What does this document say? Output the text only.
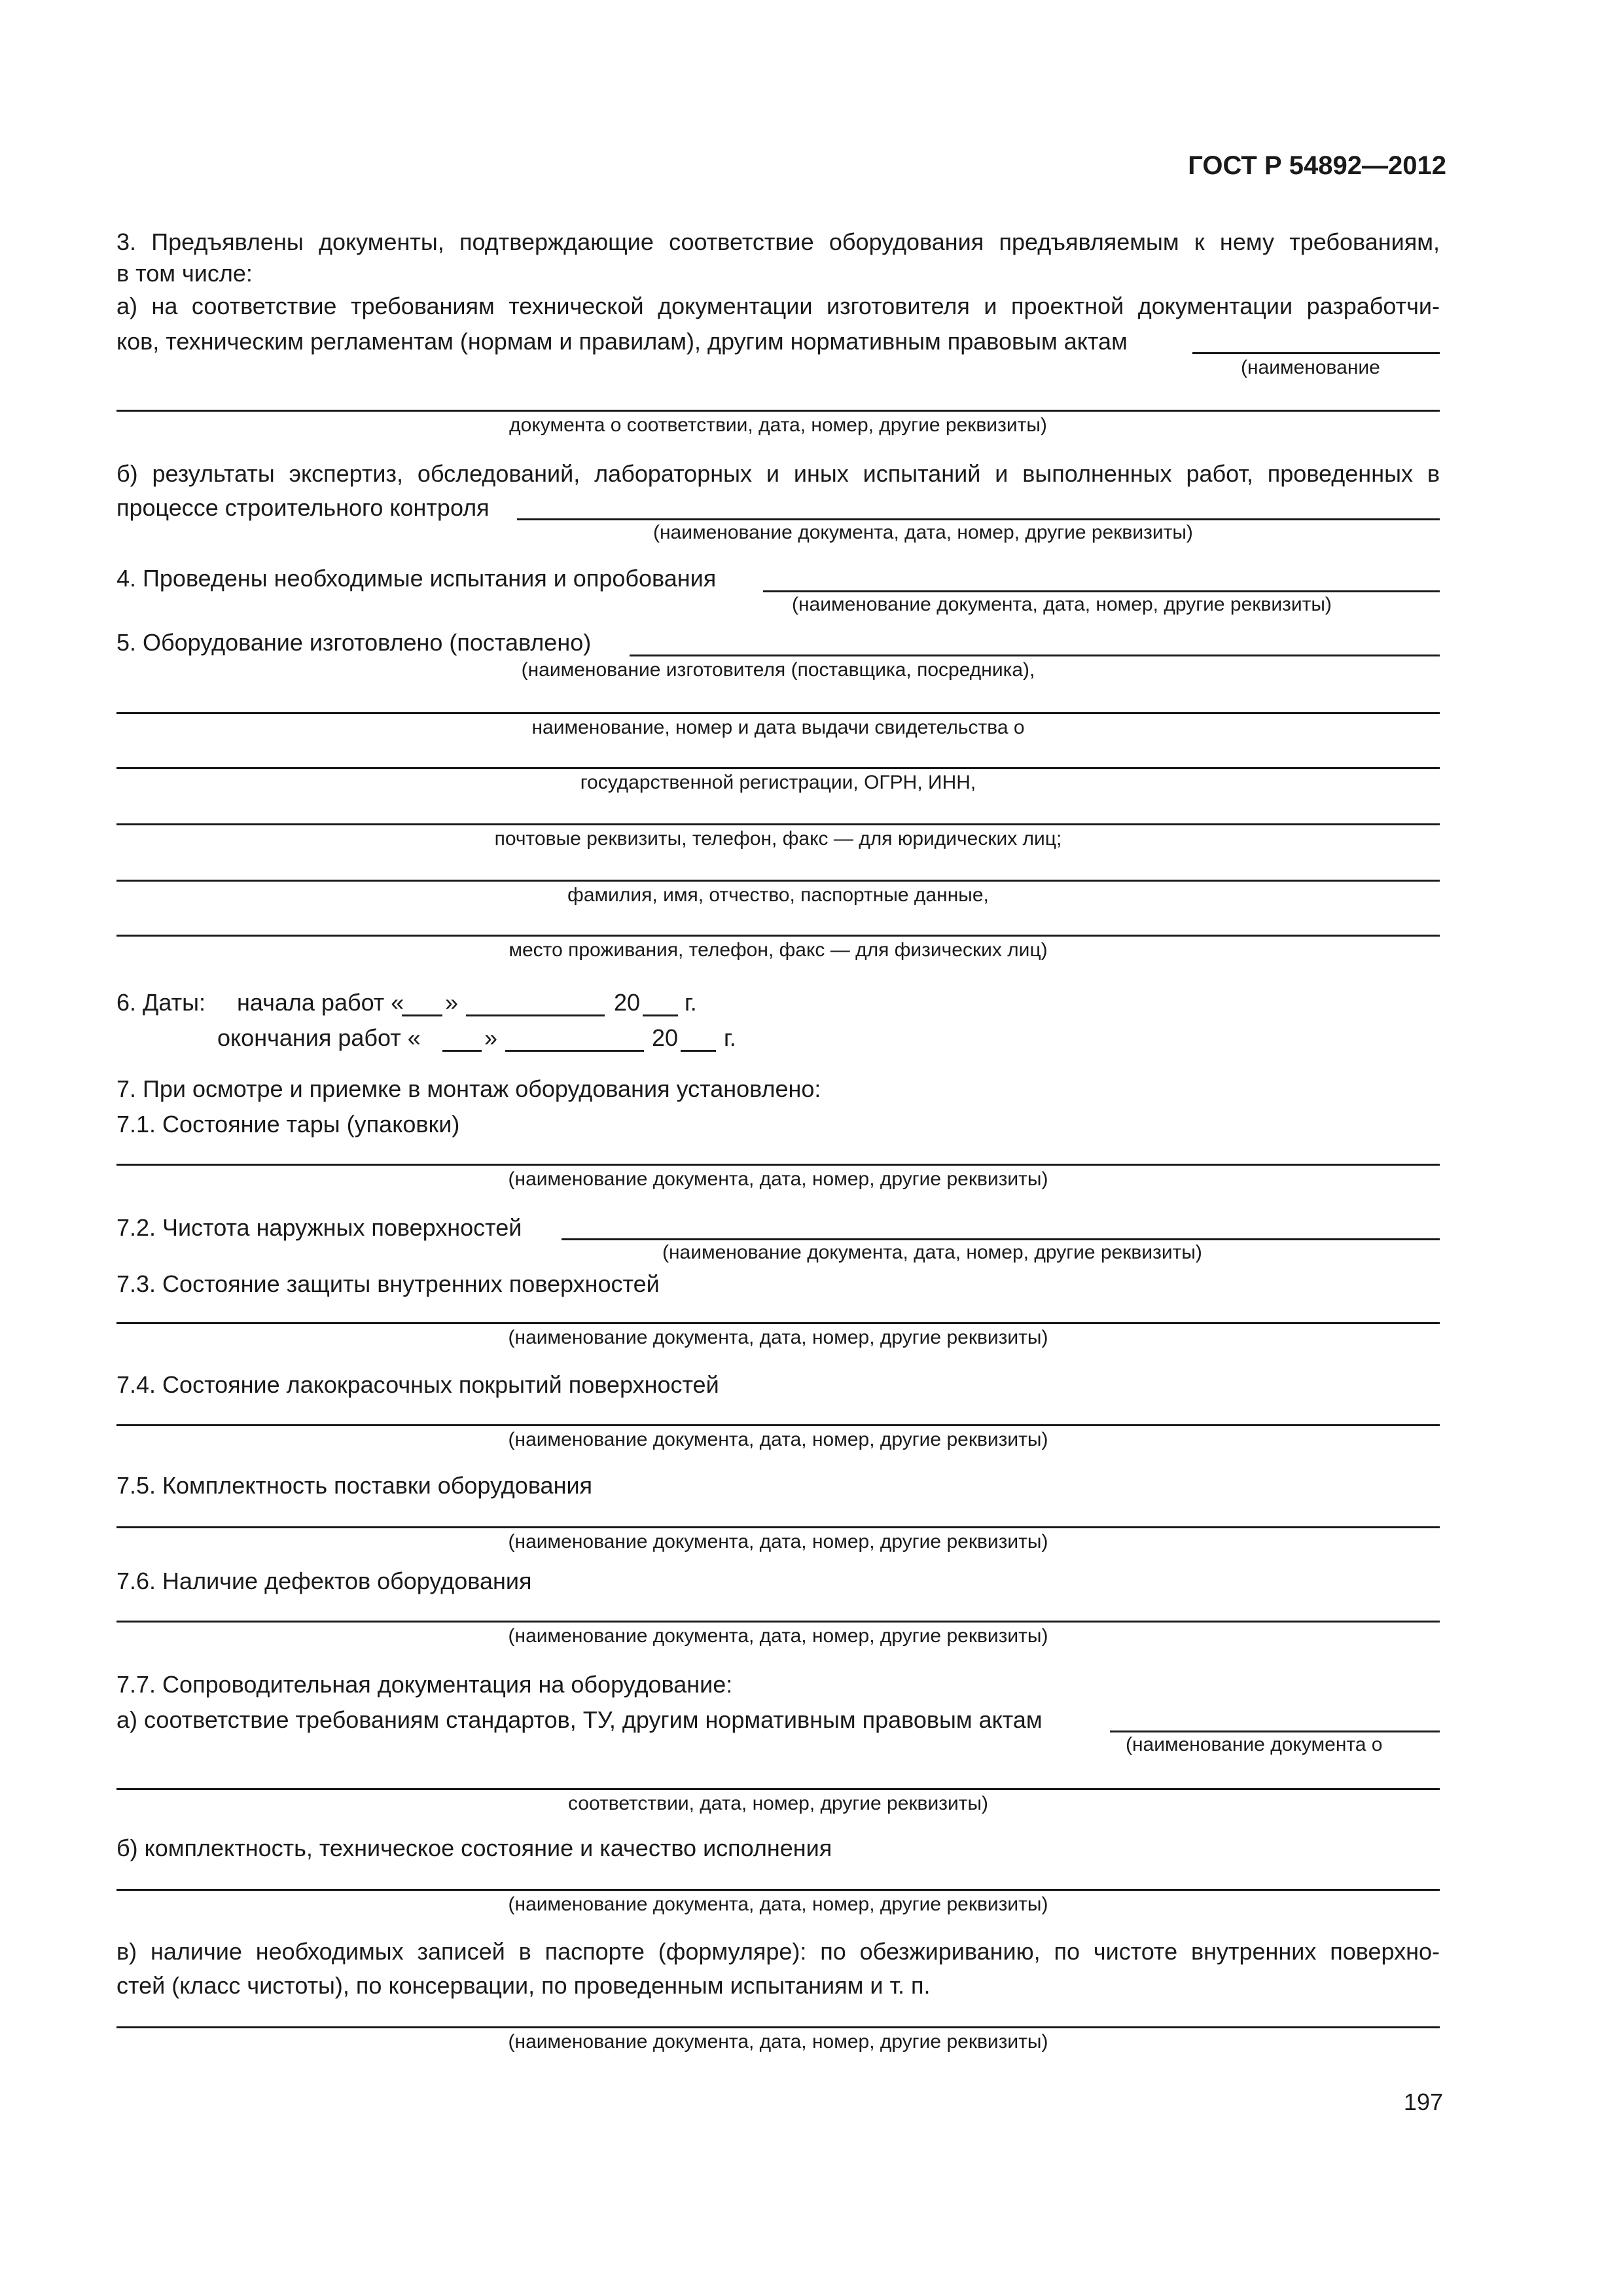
ГОСТ Р 54892—2012
3. Предъявлены документы, подтверждающие соответствие оборудования предъявляемым к нему требованиям,
в том числе:
а) на соответствие требованиям технической документации изготовителя и проектной документации разработчи-
ков, техническим регламентам (нормам и правилам), другим нормативным правовым актам
(наименование
документа о соответствии, дата, номер, другие реквизиты)
б) результаты экспертиз, обследований, лабораторных и иных испытаний и выполненных работ, проведенных в
процессе строительного контроля
(наименование документа, дата, номер, другие реквизиты)
4. Проведены необходимые испытания и опробования
(наименование документа, дата, номер, другие реквизиты)
5. Оборудование изготовлено (поставлено)
(наименование изготовителя (поставщика, посредника),
наименование, номер и дата выдачи свидетельства о
государственной регистрации, ОГРН, ИНН,
почтовые реквизиты, телефон, факс — для юридических лиц;
фамилия, имя, отчество, паспортные данные,
место проживания, телефон, факс — для физических лиц)
6. Даты: начала работ « »	20 г.
окончания работ «	»	20 г.
7. При осмотре и приемке в монтаж оборудования установлено:
7.1. Состояние тары (упаковки)
(наименование документа, дата, номер, другие реквизиты)
7.2. Чистота наружных поверхностей
(наименование документа, дата, номер, другие реквизиты)
7.3. Состояние защиты внутренних поверхностей
(наименование документа, дата, номер, другие реквизиты)
7.4. Состояние лакокрасочных покрытий поверхностей
(наименование документа, дата, номер, другие реквизиты)
7.5. Комплектность поставки оборудования
(наименование документа, дата, номер, другие реквизиты)
7.6. Наличие дефектов оборудования
(наименование документа, дата, номер, другие реквизиты)
7.7. Сопроводительная документация на оборудование:
а) соответствие требованиям стандартов, ТУ, другим нормативным правовым актам
(наименование документа о
соответствии, дата, номер, другие реквизиты)
б) комплектность, техническое состояние и качество исполнения
(наименование документа, дата, номер, другие реквизиты)
в) наличие необходимых записей в паспорте (формуляре): по обезжириванию, по чистоте внутренних поверхно-
стей (класс чистоты), по консервации, по проведенным испытаниям и т. п.
(наименование документа, дата, номер, другие реквизиты)
197
